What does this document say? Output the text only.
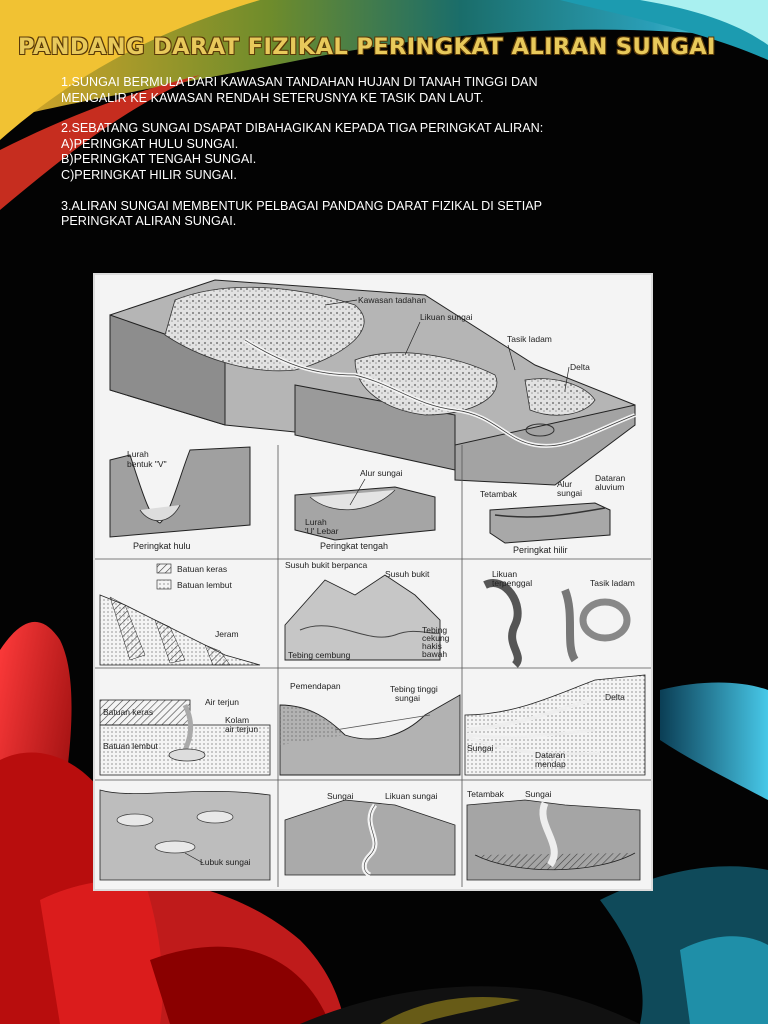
PANDANG DARAT FIZIKAL PERINGKAT ALIRAN SUNGAI

1.SUNGAI BERMULA DARI KAWASAN TANDAHAN HUJAN DI TANAH TINGGI DAN
MENGALIR KE KAWASAN RENDAH SETERUSNYA KE TASIK DAN LAUT.

2.SEBATANG SUNGAI DSAPAT DIBAHAGIKAN KEPADA TIGA PERINGKAT ALIRAN:
A)PERINGKAT HULU SUNGAI.
B)PERINGKAT TENGAH SUNGAI.
C)PERINGKAT HILIR SUNGAI.

3.ALIRAN SUNGAI MEMBENTUK PELBAGAI PANDANG DARAT FIZIKAL DI SETIAP
PERINGKAT ALIRAN SUNGAI.

Kawasan tadahan
Likuan sungai
Tasik ladam
Delta
Lurah
bentuk "V"
Peringkat hulu
Alur sungai
Lurah
'U' Lebar
Peringkat tengah
Tetambak
Alur
sungai
Dataran
aluvium
Peringkat hilir
Batuan keras
Batuan lembut
Jeram
Susuh bukit berpanca
Susuh bukit
Tebing
cekung
hakis
bawah
Tebing cembung
Likuan
terpenggal	Tasik ladam
Batuan keras
Air terjun
Kolam
air terjun
Batuan lembut
Pemendapan	Tebing tinggi
sungai	Delta
Sungai
Dataran
mendap
Lubuk sungai
Sungai	Likuan sungai	Tetambak Sungai
